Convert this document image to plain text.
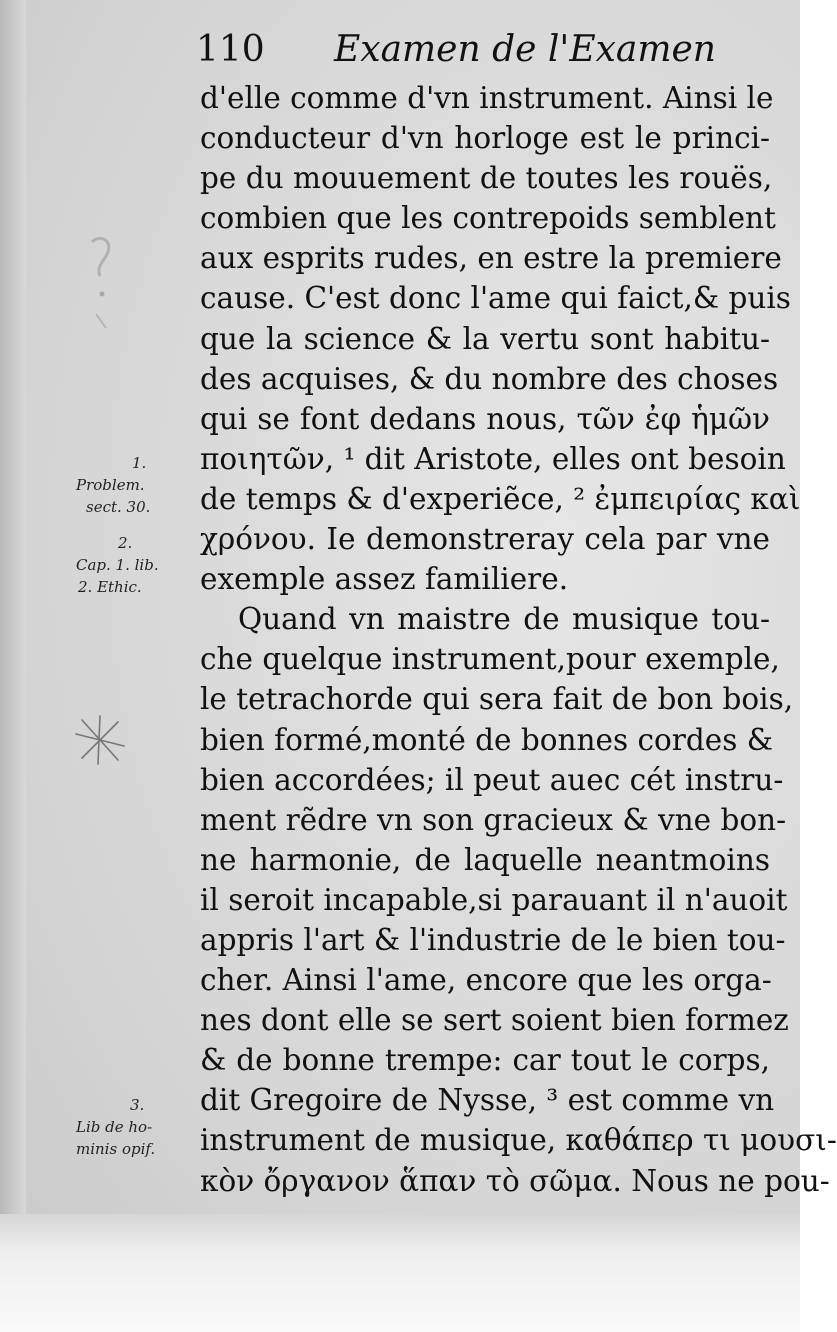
110 Examen de l'Examen
1.
Problem.
sect. 30.
2.
Cap. 1. lib.
2. Ethic.
3.
Lib de ho-
minis opif.
d'elle comme d'vn instrument. Ainsi le
conducteur d'vn horloge est le princi-
pe du mouuement de toutes les rouës,
combien que les contrepoids semblent
aux esprits rudes, en estre la premiere
cause. C'est donc l'ame qui faict,& puis
que la science & la vertu sont habitu-
des acquises, & du nombre des choses
qui se font dedans nous, τῶν ἐφ ἡμῶν
ποιητῶν, ¹ dit Aristote, elles ont besoin
de temps & d'experiẽce, ² ἐμπειρίας καὶ
χρόνου. Ie demonstreray cela par vne
exemple assez familiere.
Quand vn maistre de musique tou-
che quelque instrument,pour exemple,
le tetrachorde qui sera fait de bon bois,
bien formé,monté de bonnes cordes &
bien accordées; il peut auec cét instru-
ment rẽdre vn son gracieux & vne bon-
ne harmonie, de laquelle neantmoins
il seroit incapable,si parauant il n'auoit
appris l'art & l'industrie de le bien tou-
cher. Ainsi l'ame, encore que les orga-
nes dont elle se sert soient bien formez
& de bonne trempe: car tout le corps,
dit Gregoire de Nysse, ³ est comme vn
instrument de musique, καθάπερ τι μουσι-
κὸν ὄργανον ἅπαν τὸ σῶμα. Nous ne pou-
